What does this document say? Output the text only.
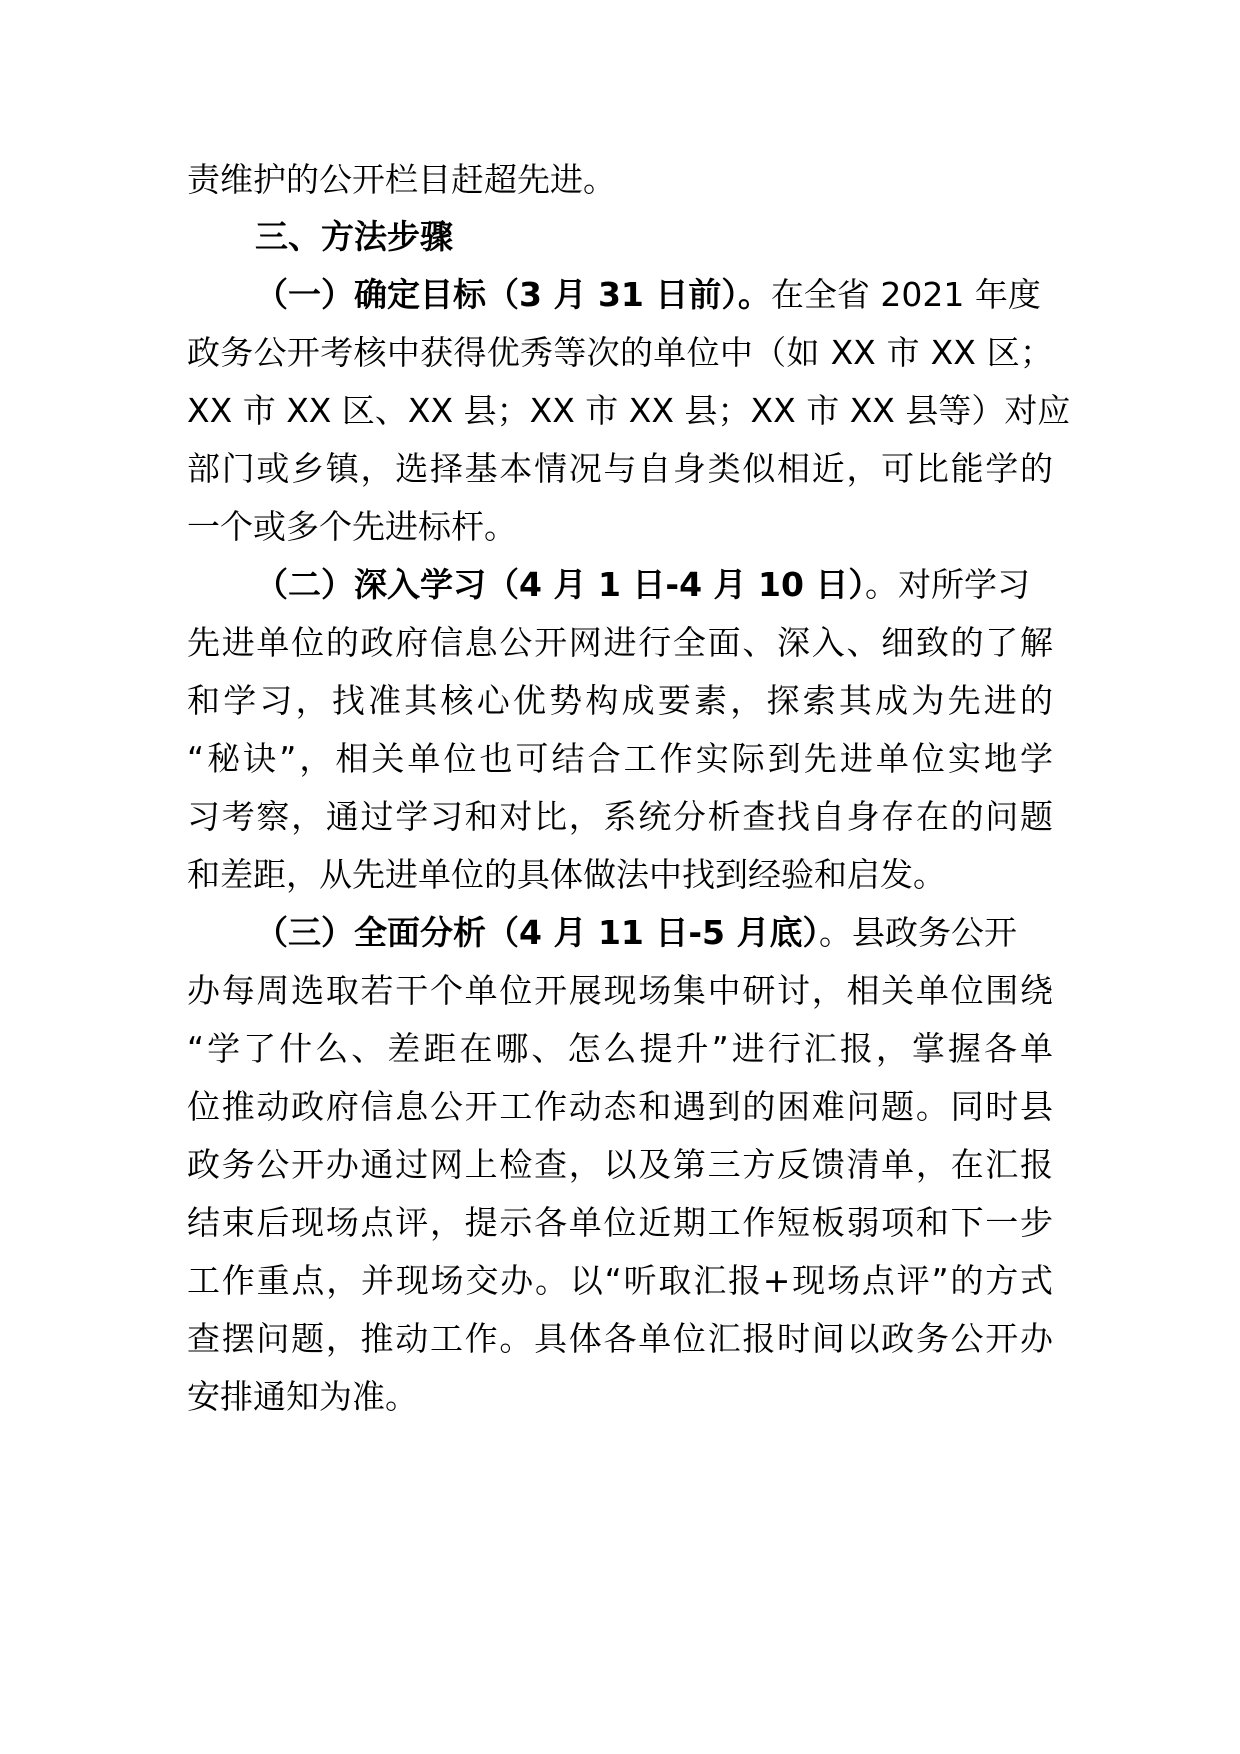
责维护的公开栏目赶超先进。
三、方法步骤
（一）确定目标（3 月 31 日前）。在全省 2021 年度
政务公开考核中获得优秀等次的单位中（如 XX 市 XX 区；
XX 市 XX 区、XX 县；XX 市 XX 县；XX 市 XX 县等）对应
部门或乡镇，选择基本情况与自身类似相近，可比能学的
一个或多个先进标杆。
（二）深入学习（4 月 1 日-4 月 10 日）。对所学习
先进单位的政府信息公开网进行全面、深入、细致的了解
和学习，找准其核心优势构成要素，探索其成为先进的
“秘诀”，相关单位也可结合工作实际到先进单位实地学
习考察，通过学习和对比，系统分析查找自身存在的问题
和差距，从先进单位的具体做法中找到经验和启发。
（三）全面分析（4 月 11 日-5 月底）。县政务公开
办每周选取若干个单位开展现场集中研讨，相关单位围绕
“学了什么、差距在哪、怎么提升”进行汇报，掌握各单
位推动政府信息公开工作动态和遇到的困难问题。同时县
政务公开办通过网上检查，以及第三方反馈清单，在汇报
结束后现场点评，提示各单位近期工作短板弱项和下一步
工作重点，并现场交办。以“听取汇报+现场点评”的方式
查摆问题，推动工作。具体各单位汇报时间以政务公开办
安排通知为准。
